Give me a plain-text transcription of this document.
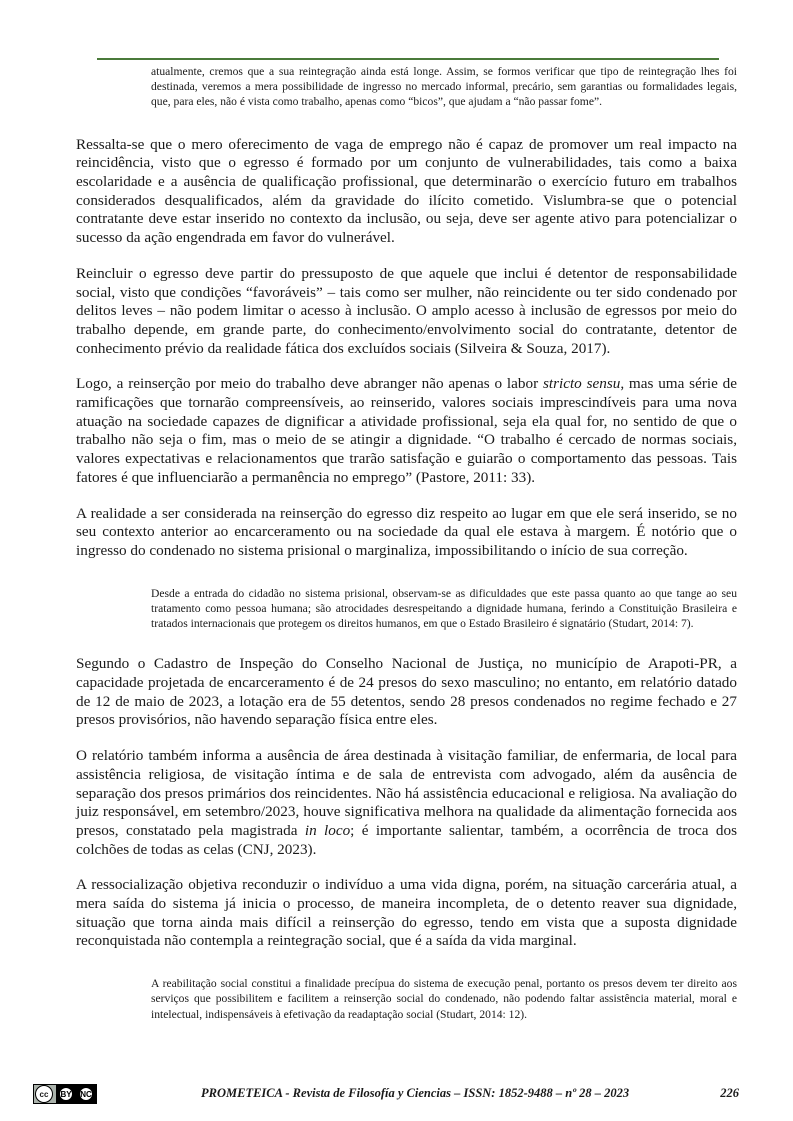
atualmente, cremos que a sua reintegração ainda está longe. Assim, se formos verificar que tipo de reintegração lhes foi destinada, veremos a mera possibilidade de ingresso no mercado informal, precário, sem garantias ou formalidades legais, que, para eles, não é vista como trabalho, apenas como “bicos”, que ajudam a “não passar fome”.

Ressalta-se que o mero oferecimento de vaga de emprego não é capaz de promover um real impacto na reincidência, visto que o egresso é formado por um conjunto de vulnerabilidades, tais como a baixa escolaridade e a ausência de qualificação profissional, que determinarão o exercício futuro em trabalhos considerados desqualificados, além da gravidade do ilícito cometido. Vislumbra-se que o potencial contratante deve estar inserido no contexto da inclusão, ou seja, deve ser agente ativo para potencializar o sucesso da ação engendrada em favor do vulnerável.

Reincluir o egresso deve partir do pressuposto de que aquele que inclui é detentor de responsabilidade social, visto que condições “favoráveis” – tais como ser mulher, não reincidente ou ter sido condenado por delitos leves – não podem limitar o acesso à inclusão. O amplo acesso à inclusão de egressos por meio do trabalho depende, em grande parte, do conhecimento/envolvimento social do contratante, detentor de conhecimento prévio da realidade fática dos excluídos sociais (Silveira & Souza, 2017).

Logo, a reinserção por meio do trabalho deve abranger não apenas o labor stricto sensu, mas uma série de ramificações que tornarão compreensíveis, ao reinserido, valores sociais imprescindíveis para uma nova atuação na sociedade capazes de dignificar a atividade profissional, seja ela qual for, no sentido de que o trabalho não seja o fim, mas o meio de se atingir a dignidade. “O trabalho é cercado de normas sociais, valores expectativas e relacionamentos que trarão satisfação e guiarão o comportamento das pessoas. Tais fatores é que influenciarão a permanência no emprego” (Pastore, 2011: 33).

A realidade a ser considerada na reinserção do egresso diz respeito ao lugar em que ele será inserido, se no seu contexto anterior ao encarceramento ou na sociedade da qual ele estava à margem. É notório que o ingresso do condenado no sistema prisional o marginaliza, impossibilitando o início de sua correção.

Desde a entrada do cidadão no sistema prisional, observam-se as dificuldades que este passa quanto ao que tange ao seu tratamento como pessoa humana; são atrocidades desrespeitando a dignidade humana, ferindo a Constituição Brasileira e tratados internacionais que protegem os direitos humanos, em que o Estado Brasileiro é signatário (Studart, 2014: 7).

Segundo o Cadastro de Inspeção do Conselho Nacional de Justiça, no município de Arapoti-PR, a capacidade projetada de encarceramento é de 24 presos do sexo masculino; no entanto, em relatório datado de 12 de maio de 2023, a lotação era de 55 detentos, sendo 28 presos condenados no regime fechado e 27 presos provisórios, não havendo separação física entre eles.

O relatório também informa a ausência de área destinada à visitação familiar, de enfermaria, de local para assistência religiosa, de visitação íntima e de sala de entrevista com advogado, além da ausência de separação dos presos primários dos reincidentes. Não há assistência educacional e religiosa. Na avaliação do juiz responsável, em setembro/2023, houve significativa melhora na qualidade da alimentação fornecida aos presos, constatado pela magistrada in loco; é importante salientar, também, a ocorrência de troca dos colchões de todas as celas (CNJ, 2023).

A ressocialização objetiva reconduzir o indivíduo a uma vida digna, porém, na situação carcerária atual, a mera saída do sistema já inicia o processo, de maneira incompleta, de o detento reaver sua dignidade, situação que torna ainda mais difícil a reinserção do egresso, tendo em vista que a suposta dignidade reconquistada não contempla a reintegração social, que é a saída da vida marginal.

A reabilitação social constitui a finalidade precípua do sistema de execução penal, portanto os presos devem ter direito aos serviços que possibilitem e facilitem a reinserção social do condenado, não podendo faltar assistência material, moral e intelectual, indispensáveis à efetivação da readaptação social (Studart, 2014: 12).

cc	BY NC	PROMETEICA - Revista de Filosofía y Ciencias – ISSN: 1852-9488 – nº 28 – 2023	226
